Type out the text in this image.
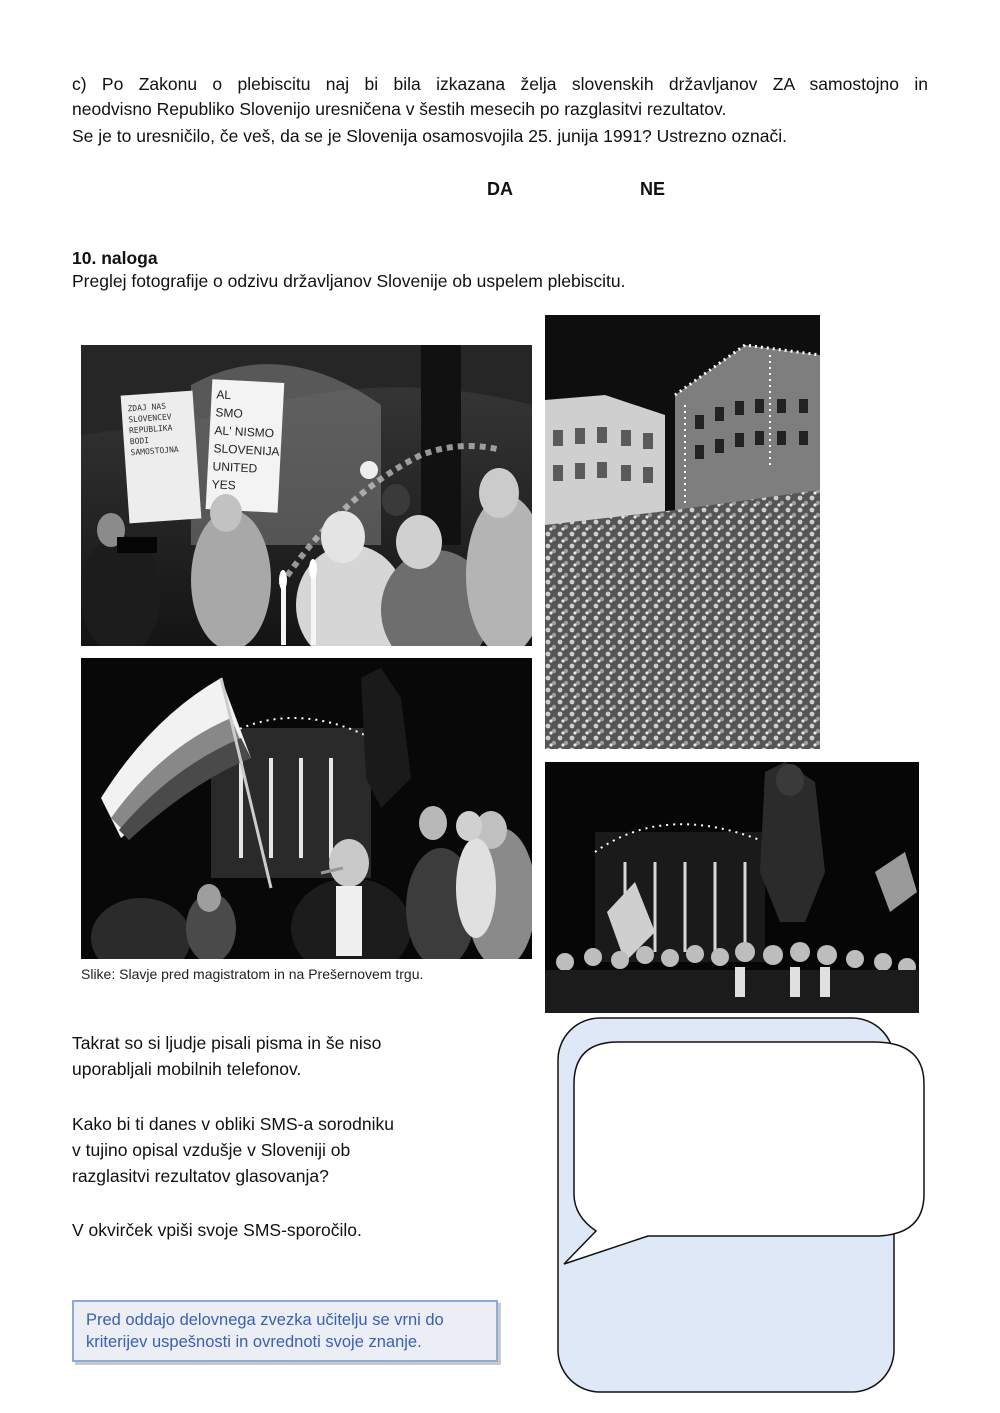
c) Po Zakonu o plebiscitu naj bi bila izkazana želja slovenskih državljanov ZA samostojno in

neodvisno Republiko Slovenijo uresničena v šestih mesecih po razglasitvi rezultatov.

Se je to uresničilo, če veš, da se je Slovenija osamosvojila 25. junija 1991? Ustrezno označi.

DA	NE

10. naloga

Preglej fotografije o odzivu državljanov Slovenije ob uspelem plebiscitu.

ZDAJ NAS
SLOVENCEV
REPUBLIKA
BODI
SAMOSTOJNA
AL
SMO
AL' NISMO
SLOVENIJA
UNITED
YES

Slike: Slavje pred magistratom in na Prešernovem trgu.

Takrat so si ljudje pisali pisma in še niso
uporabljali mobilnih telefonov.
Kako bi ti danes v obliki SMS-a sorodniku
v tujino opisal vzdušje v Sloveniji ob
razglasitvi rezultatov glasovanja?

V okvirček vpiši svoje SMS-sporočilo.

Pred oddajo delovnega zvezka učitelju se vrni do
kriterijev uspešnosti in ovrednoti svoje znanje.
